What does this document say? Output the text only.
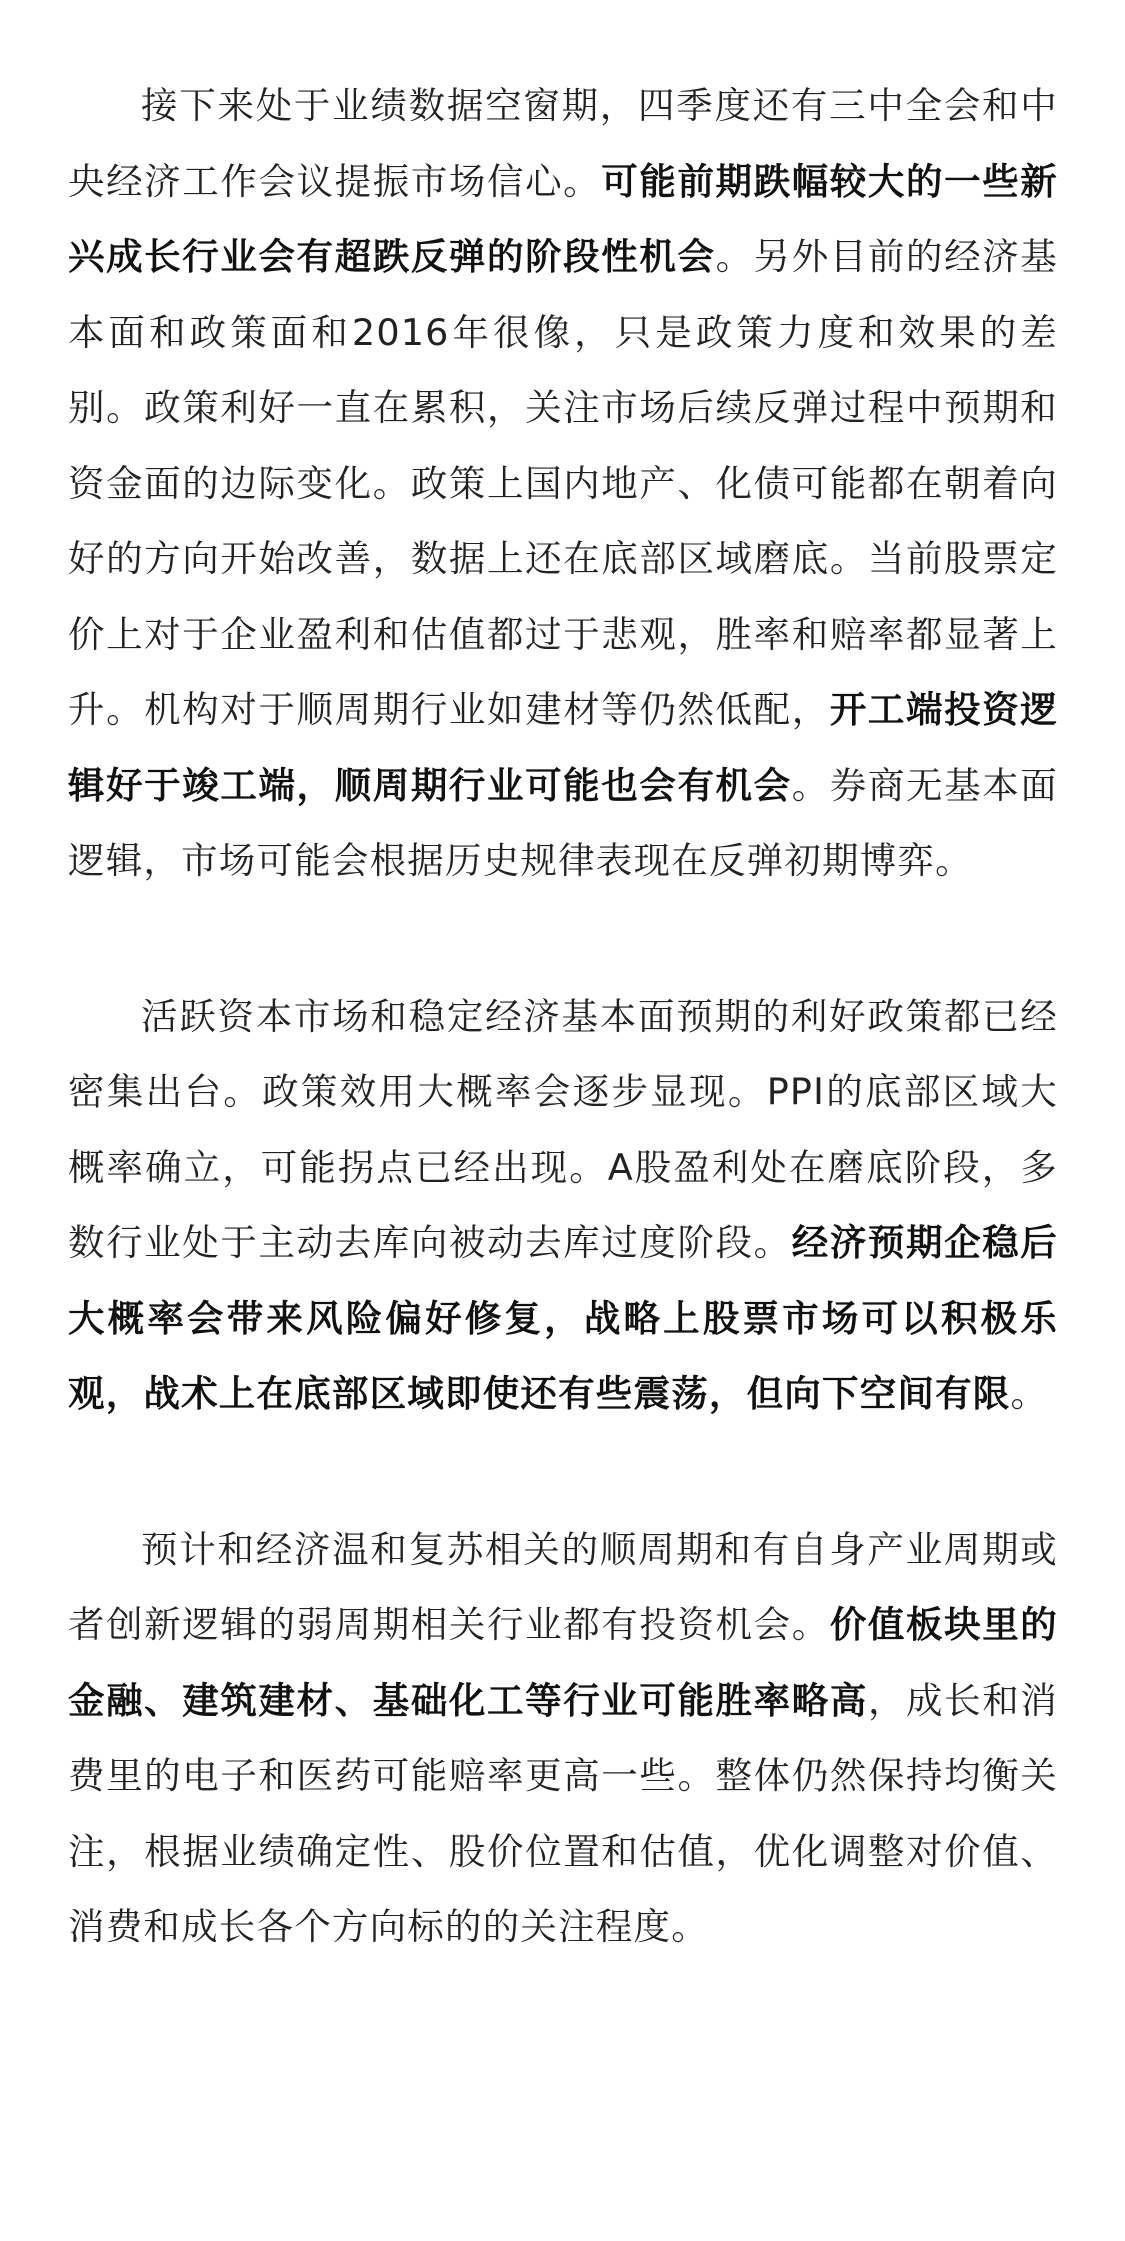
接下来处于业绩数据空窗期，四季度还有三中全会和中央经济工作会议提振市场信心。可能前期跌幅较大的一些新兴成长行业会有超跌反弹的阶段性机会。另外目前的经济基本面和政策面和2016年很像，只是政策力度和效果的差别。政策利好一直在累积，关注市场后续反弹过程中预期和资金面的边际变化。政策上国内地产、化债可能都在朝着向好的方向开始改善，数据上还在底部区域磨底。当前股票定价上对于企业盈利和估值都过于悲观，胜率和赔率都显著上升。机构对于顺周期行业如建材等仍然低配，开工端投资逻辑好于竣工端，顺周期行业可能也会有机会。券商无基本面逻辑，市场可能会根据历史规律表现在反弹初期博弈。

活跃资本市场和稳定经济基本面预期的利好政策都已经密集出台。政策效用大概率会逐步显现。PPI的底部区域大概率确立，可能拐点已经出现。A股盈利处在磨底阶段，多数行业处于主动去库向被动去库过度阶段。经济预期企稳后大概率会带来风险偏好修复，战略上股票市场可以积极乐观，战术上在底部区域即使还有些震荡，但向下空间有限。

预计和经济温和复苏相关的顺周期和有自身产业周期或者创新逻辑的弱周期相关行业都有投资机会。价值板块里的金融、建筑建材、基础化工等行业可能胜率略高，成长和消费里的电子和医药可能赔率更高一些。整体仍然保持均衡关注，根据业绩确定性、股价位置和估值，优化调整对价值、消费和成长各个方向标的的关注程度。
